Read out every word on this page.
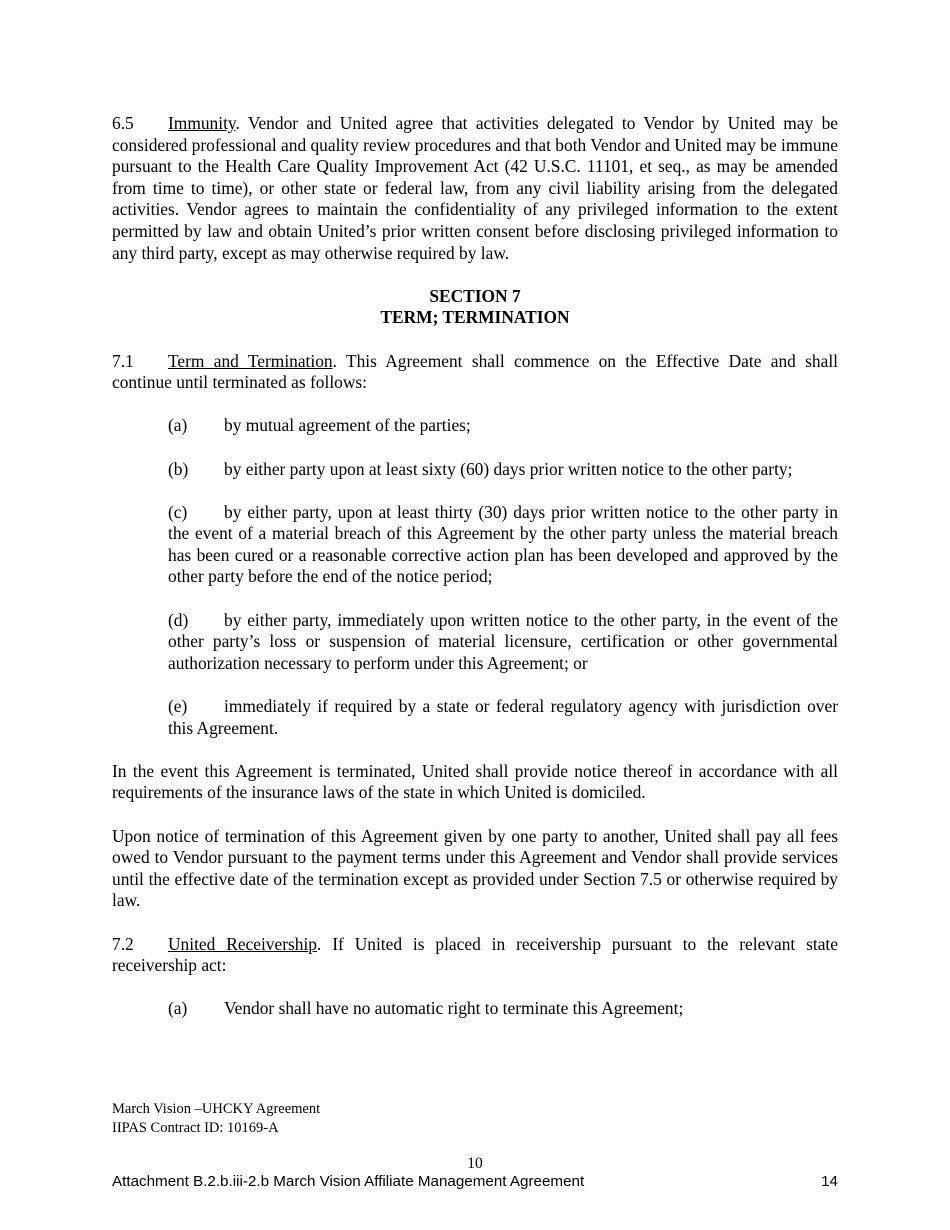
6.5 Immunity. Vendor and United agree that activities delegated to Vendor by United may be considered professional and quality review procedures and that both Vendor and United may be immune pursuant to the Health Care Quality Improvement Act (42 U.S.C. 11101, et seq., as may be amended from time to time), or other state or federal law, from any civil liability arising from the delegated activities. Vendor agrees to maintain the confidentiality of any privileged information to the extent permitted by law and obtain United’s prior written consent before disclosing privileged information to any third party, except as may otherwise required by law.

SECTION 7
TERM; TERMINATION

7.1 Term and Termination. This Agreement shall commence on the Effective Date and shall continue until terminated as follows:

(a) by mutual agreement of the parties;

(b) by either party upon at least sixty (60) days prior written notice to the other party;

(c) by either party, upon at least thirty (30) days prior written notice to the other party in the event of a material breach of this Agreement by the other party unless the material breach has been cured or a reasonable corrective action plan has been developed and approved by the other party before the end of the notice period;

(d) by either party, immediately upon written notice to the other party, in the event of the other party’s loss or suspension of material licensure, certification or other governmental authorization necessary to perform under this Agreement; or

(e) immediately if required by a state or federal regulatory agency with jurisdiction over this Agreement.

In the event this Agreement is terminated, United shall provide notice thereof in accordance with all requirements of the insurance laws of the state in which United is domiciled.

Upon notice of termination of this Agreement given by one party to another, United shall pay all fees owed to Vendor pursuant to the payment terms under this Agreement and Vendor shall provide services until the effective date of the termination except as provided under Section 7.5 or otherwise required by law.

7.2 United Receivership. If United is placed in receivership pursuant to the relevant state receivership act:

(a) Vendor shall have no automatic right to terminate this Agreement;

March Vision –UHCKY Agreement
IIPAS Contract ID: 10169-A
10
Attachment B.2.b.iii-2.b March Vision Affiliate Management Agreement	14
